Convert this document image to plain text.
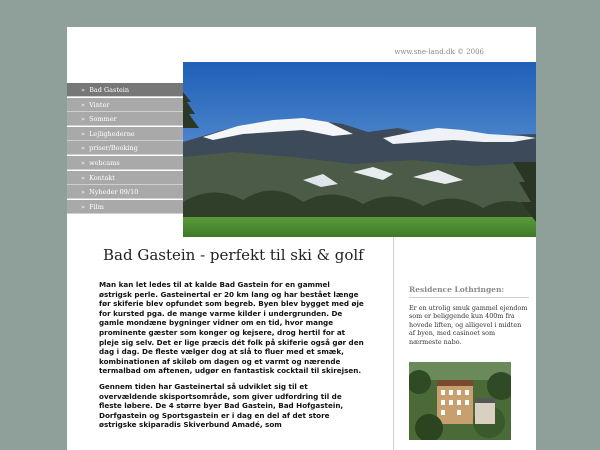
www.sne-land.dk © 2006
» Bad Gastein
» Vinter
» Sommer
» Lejlighederne
» priser/Booking
» webcams
» Kontakt
» Nyheder 09/10
» Film
Bad Gastein - perfekt til ski & golf

Man kan let ledes til at kalde Bad Gastein for en gammel østrigsk perle. Gasteinertal er 20 km lang og har bestået længe før skiferie blev opfundet som begreb. Byen blev bygget med øje for kursted pga. de mange varme kilder i undergrunden. De gamle mondæne bygninger vidner om en tid, hvor mange prominente gæster som konger og kejsere, drog hertil for at pleje sig selv. Det er lige præcis dét folk på skiferie også gør den dag i dag. De fleste vælger dog at slå to fluer med et smæk, kombinationen af skiløb om dagen og et varmt og nærende termalbad om aftenen, udgør en fantastisk cocktail til skirejsen.

Gennem tiden har Gasteinertal så udviklet sig til et overvældende skisportsområde, som giver udfordring til de fleste løbere. De 4 større byer Bad Gastein, Bad Hofgastein, Dorfgastein og Sportsgastein er i dag en del af det store østrigske skiparadis Skiverbund Amadé, som

Residence Lothringen:
Er en utrolig smuk gammel ejendom som er beliggende kun 400m fra hovede liften, og alligevel i midten af byen, med casinoet som nærmeste nabo.
